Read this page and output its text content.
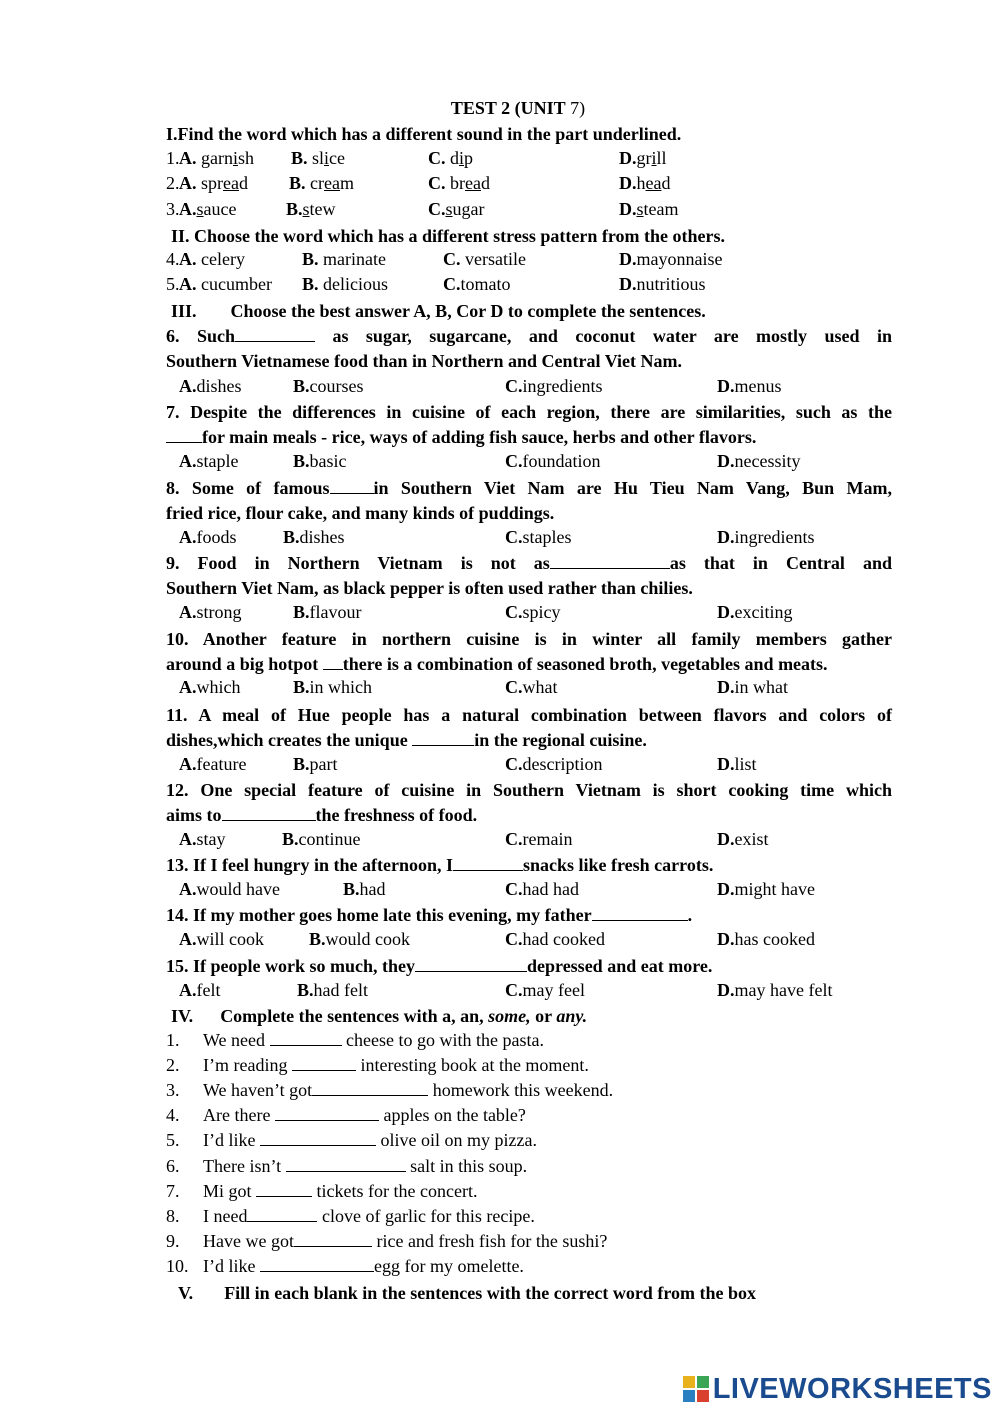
TEST 2 (UNIT 7)
I.Find the word which has a different sound in the part underlined.
1. A. garnish B. slice	C. dip	D.grill
2. A. spread B. cream	C. bread	D.head
3. A.sauce	B.stew	C.sugar	D.steam
II. Choose the word which has a different stress pattern from the others.
4. A. celery	B. marinate	C. versatile	D.mayonnaise
5. A. cucumber B. delicious	C.tomato	D.nutritious
III. Choose the best answer A, B, Cor D to complete the sentences.
6. Such	as sugar, sugarcane, and coconut water are mostly used in
Southern Vietnamese food than in Northern and Central Viet Nam.
A.dishes	B.courses	C.ingredients	D.menus
7. Despite the differences in cuisine of each region, there are similarities, such as the
for main meals - rice, ways of adding fish sauce, herbs and other flavors.
A.staple	B.basic	C.foundation	D.necessity
8. Some of famous in Southern Viet Nam are Hu Tieu Nam Vang, Bun Mam,
fried rice, flour cake, and many kinds of puddings.
A.foods	B.dishes	C.staples	D.ingredients
9. Food in Northern Vietnam is not as	as that in Central and
Southern Viet Nam, as black pepper is often used rather than chilies.
A.strong	B.flavour	C.spicy	D.exciting
10. Another feature in northern cuisine is in winter all family members gather
around a big hotpot there is a combination of seasoned broth, vegetables and meats.
A.which	B.in which	C.what	D.in what
11. A meal of Hue people has a natural combination between flavors and colors of
dishes,which creates the unique	in the regional cuisine.
A.feature	B.part	C.description	D.list
12. One special feature of cuisine in Southern Vietnam is short cooking time which
aims to	the freshness of food.
A.stay	B.continue	C.remain	D.exist
13. If I feel hungry in the afternoon, I	snacks like fresh carrots.
A.would have	B.had	C.had had	D.might have
14. If my mother goes home late this evening, my father	.
A.will cook	B.would cook	C.had cooked	D.has cooked
15. If people work so much, they	depressed and eat more.
A.felt	B.had felt	C.may feel	D.may have felt
IV. Complete the sentences with a, an, some, or any.
1. We need	cheese to go with the pasta.
2. I’m reading	interesting book at the moment.
3. We haven’t got	homework this weekend.
4. Are there	apples on the table?
5. I’d like	olive oil on my pizza.
6. There isn’t	salt in this soup.
7. Mi got	tickets for the concert.
8. I need	clove of garlic for this recipe.
9. Have we got	rice and fresh fish for the sushi?
10. I’d like	egg for my omelette.
V. Fill in each blank in the sentences with the correct word from the box
LIVEWORKSHEETS
